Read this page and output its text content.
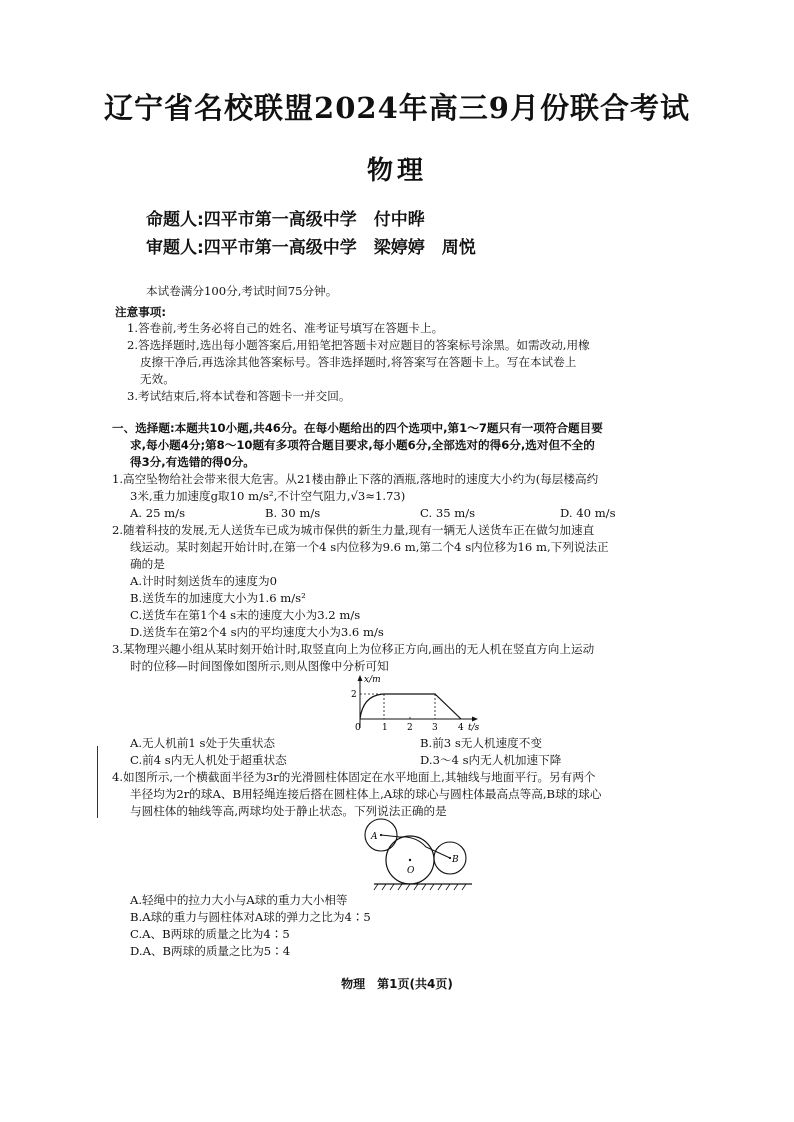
辽宁省名校联盟2024年高三9月份联合考试
物理
命题人:四平市第一高级中学　付中晔
审题人:四平市第一高级中学　梁婷婷　周悦
本试卷满分100分,考试时间75分钟。
注意事项:
1.答卷前,考生务必将自己的姓名、准考证号填写在答题卡上。
2.答选择题时,选出每小题答案后,用铅笔把答题卡对应题目的答案标号涂黑。如需改动,用橡
皮擦干净后,再选涂其他答案标号。答非选择题时,将答案写在答题卡上。写在本试卷上
无效。
3.考试结束后,将本试卷和答题卡一并交回。
一、选择题:本题共10小题,共46分。在每小题给出的四个选项中,第1～7题只有一项符合题目要
求,每小题4分;第8～10题有多项符合题目要求,每小题6分,全部选对的得6分,选对但不全的
得3分,有选错的得0分。
1.高空坠物给社会带来很大危害。从21楼由静止下落的酒瓶,落地时的速度大小约为(每层楼高约
3米,重力加速度g取10 m/s²,不计空气阻力,√3≈1.73)
A. 25 m/s	B. 30 m/s	C. 35 m/s	D. 40 m/s
2.随着科技的发展,无人送货车已成为城市保供的新生力量,现有一辆无人送货车正在做匀加速直
线运动。某时刻起开始计时,在第一个4 s内位移为9.6 m,第二个4 s内位移为16 m,下列说法正
确的是
A.计时时刻送货车的速度为0
B.送货车的加速度大小为1.6 m/s²
C.送货车在第1个4 s末的速度大小为3.2 m/s
D.送货车在第2个4 s内的平均速度大小为3.6 m/s
3.某物理兴趣小组从某时刻开始计时,取竖直向上为位移正方向,画出的无人机在竖直方向上运动
时的位移—时间图像如图所示,则从图像中分析可知
x/m
t/s
2
0 1 2 3 4
A.无人机前1 s处于失重状态	B.前3 s无人机速度不变
C.前4 s内无人机处于超重状态	D.3～4 s内无人机加速下降
4.如图所示,一个横截面半径为3r的光滑圆柱体固定在水平地面上,其轴线与地面平行。另有两个
半径均为2r的球A、B用轻绳连接后搭在圆柱体上,A球的球心与圆柱体最高点等高,B球的球心
与圆柱体的轴线等高,两球均处于静止状态。下列说法正确的是
O
A
B
A.轻绳中的拉力大小与A球的重力大小相等
B.A球的重力与圆柱体对A球的弹力之比为4∶5
C.A、B两球的质量之比为4∶5
D.A、B两球的质量之比为5∶4
物理　第1页(共4页)
